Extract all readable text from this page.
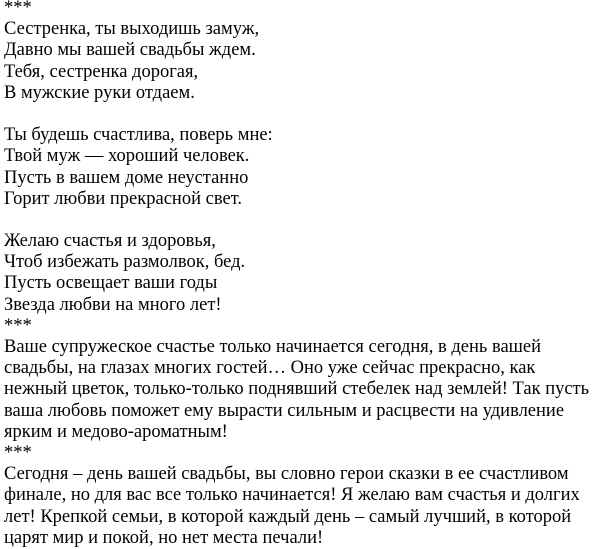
***
Сестренка, ты выходишь замуж,
Давно мы вашей свадьбы ждем.
Тебя, сестренка дорогая,
В мужские руки отдаем.
Ты будешь счастлива, поверь мне:
Твой муж — хороший человек.
Пусть в вашем доме неустанно
Горит любви прекрасной свет.
Желаю счастья и здоровья,
Чтоб избежать размолвок, бед.
Пусть освещает ваши годы
Звезда любви на много лет!
***
Ваше супружеское счастье только начинается сегодня, в день вашей
свадьбы, на глазах многих гостей… Оно уже сейчас прекрасно, как
нежный цветок, только-только поднявший стебелек над землей! Так пусть
ваша любовь поможет ему вырасти сильным и расцвести на удивление
ярким и медово-ароматным!
***
Сегодня – день вашей свадьбы, вы словно герои сказки в ее счастливом
финале, но для вас все только начинается! Я желаю вам счастья и долгих
лет! Крепкой семьи, в которой каждый день – самый лучший, в которой
царят мир и покой, но нет места печали!
